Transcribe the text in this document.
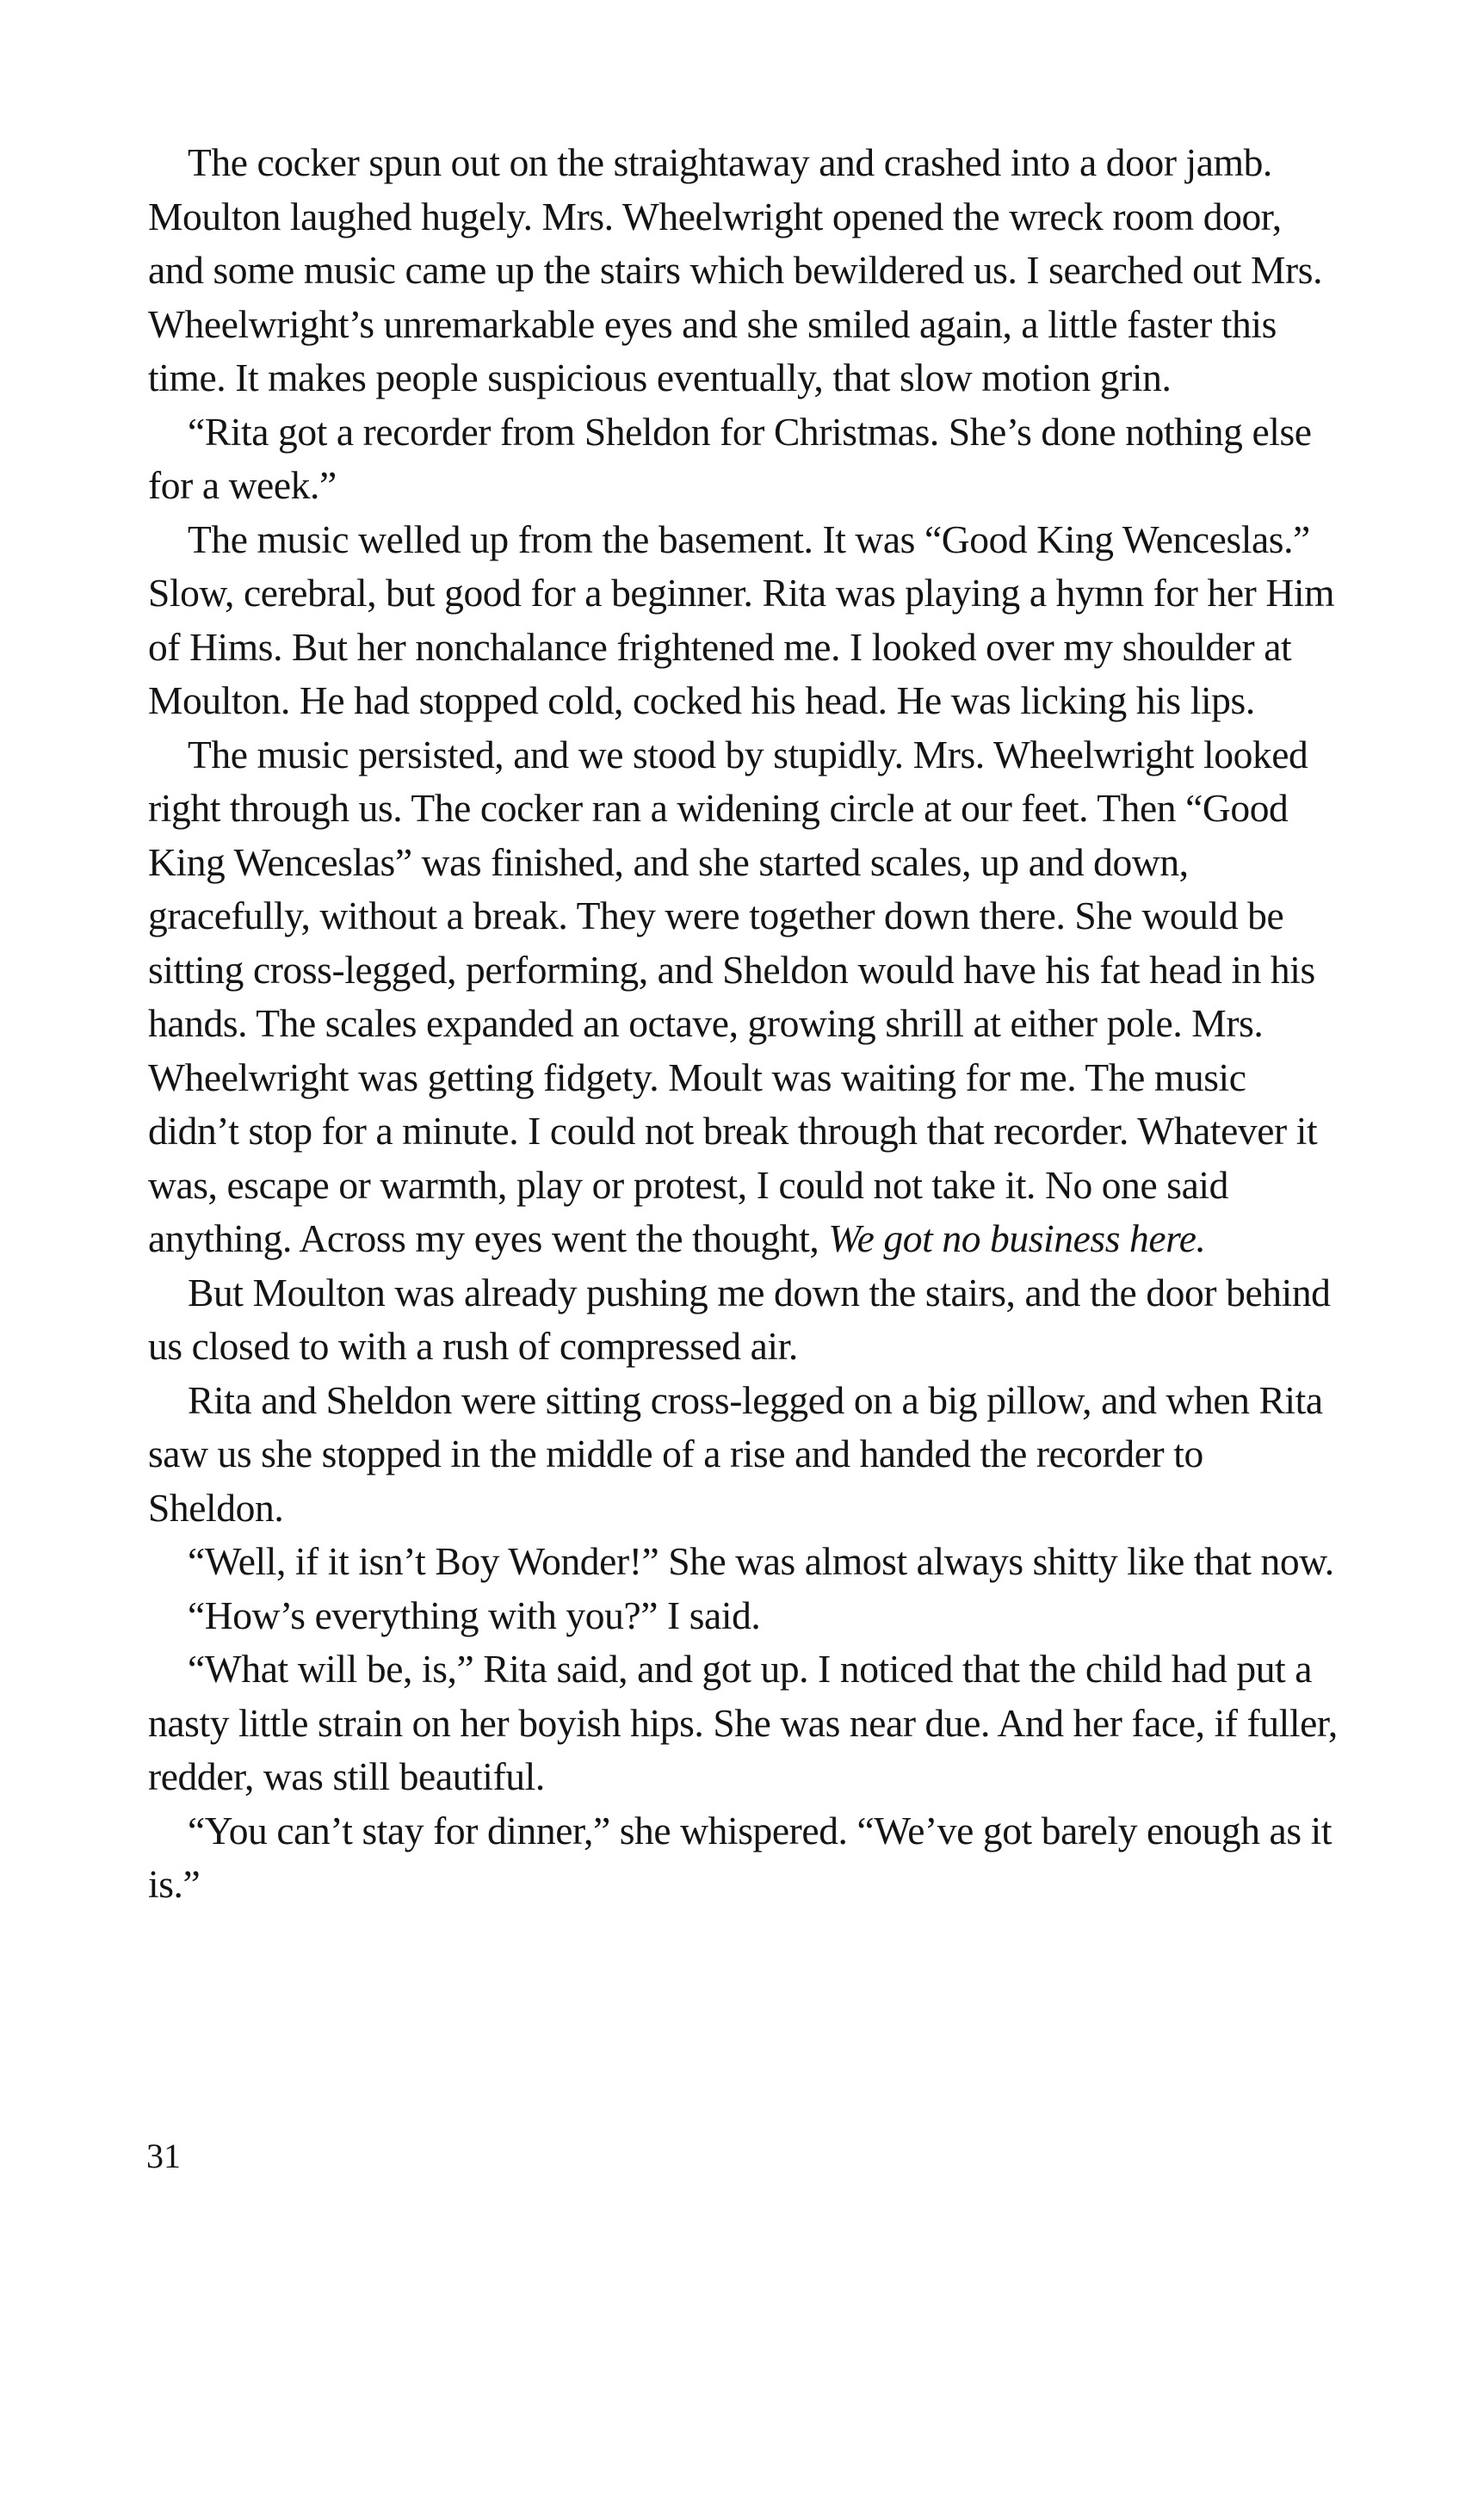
The cocker spun out on the straightaway and crashed into a door jamb. Moulton laughed hugely. Mrs. Wheelwright opened the wreck room door, and some music came up the stairs which bewildered us. I searched out Mrs. Wheelwright’s unremarkable eyes and she smiled again, a little faster this time. It makes people suspicious eventually, that slow motion grin.

“Rita got a recorder from Sheldon for Christmas. She’s done nothing else for a week.”

The music welled up from the basement. It was “Good King Wenceslas.” Slow, cerebral, but good for a beginner. Rita was playing a hymn for her Him of Hims. But her nonchalance frightened me. I looked over my shoulder at Moulton. He had stopped cold, cocked his head. He was licking his lips.

The music persisted, and we stood by stupidly. Mrs. Wheelwright looked right through us. The cocker ran a widening circle at our feet. Then “Good King Wenceslas” was finished, and she started scales, up and down, gracefully, without a break. They were together down there. She would be sitting cross-legged, performing, and Sheldon would have his fat head in his hands. The scales expanded an octave, growing shrill at either pole. Mrs. Wheelwright was getting fidgety. Moult was waiting for me. The music didn’t stop for a minute. I could not break through that recorder. Whatever it was, escape or warmth, play or protest, I could not take it. No one said anything. Across my eyes went the thought, We got no business here.

But Moulton was already pushing me down the stairs, and the door behind us closed to with a rush of compressed air.

Rita and Sheldon were sitting cross-legged on a big pillow, and when Rita saw us she stopped in the middle of a rise and handed the recorder to Sheldon.

“Well, if it isn’t Boy Wonder!” She was almost always shitty like that now.

“How’s everything with you?” I said.

“What will be, is,” Rita said, and got up. I noticed that the child had put a nasty little strain on her boyish hips. She was near due. And her face, if fuller, redder, was still beautiful.

“You can’t stay for dinner,” she whispered. “We’ve got barely enough as it is.”

31
